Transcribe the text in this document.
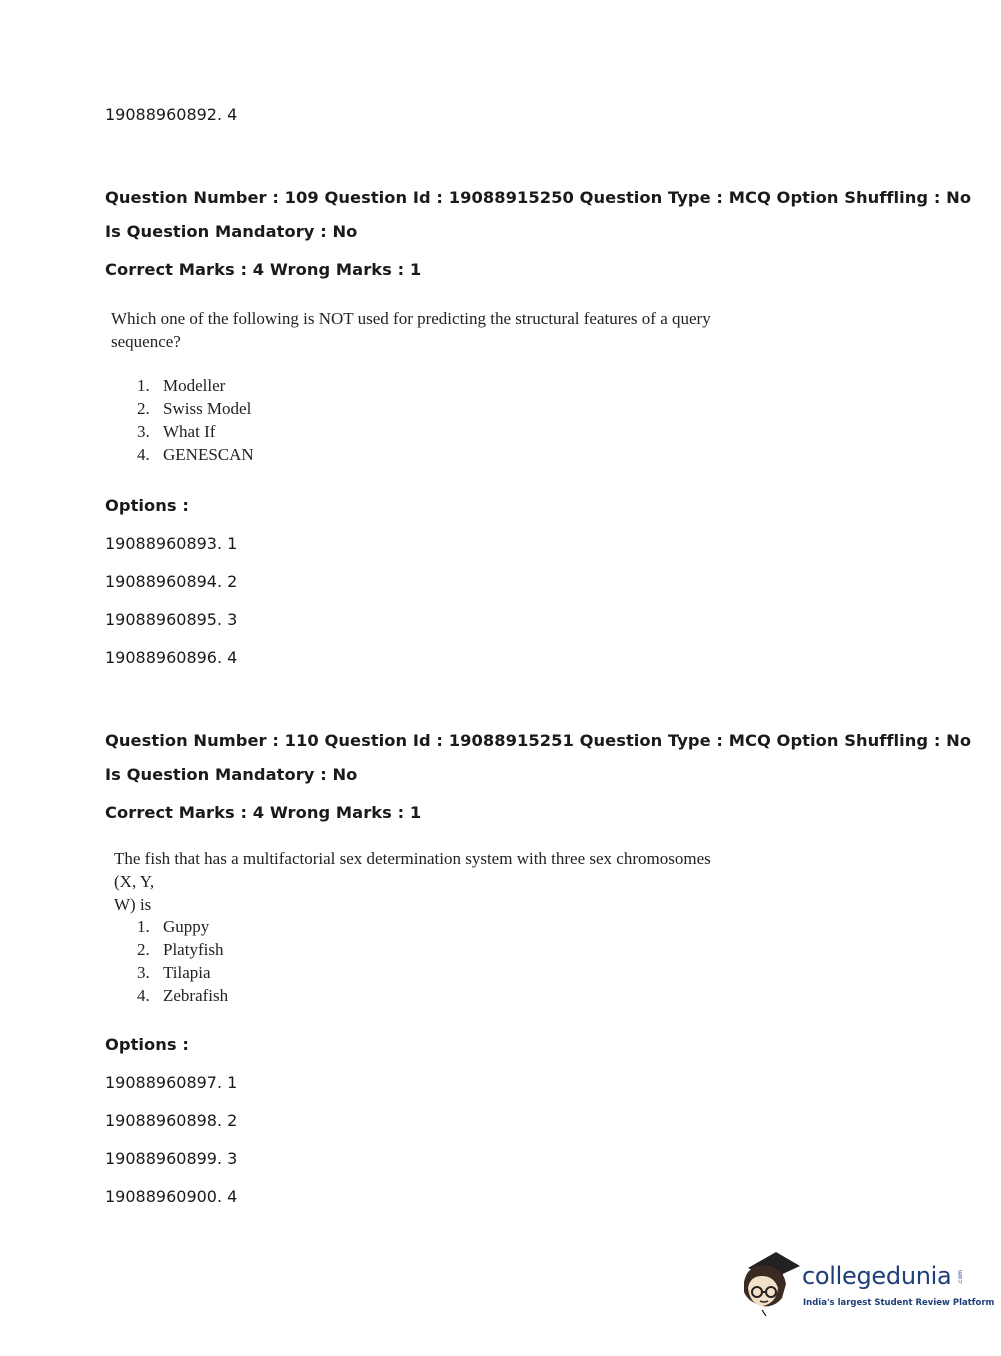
19088960892. 4
Question Number : 109 Question Id : 19088915250 Question Type : MCQ Option Shuffling : No
Is Question Mandatory : No
Correct Marks : 4 Wrong Marks : 1
Which one of the following is NOT used for predicting the structural features of a query
sequence?
1. Modeller
2. Swiss Model
3. What If
4. GENESCAN
Options :
19088960893. 1
19088960894. 2
19088960895. 3
19088960896. 4
Question Number : 110 Question Id : 19088915251 Question Type : MCQ Option Shuffling : No
Is Question Mandatory : No
Correct Marks : 4 Wrong Marks : 1
The fish that has a multifactorial sex determination system with three sex chromosomes (X, Y,
W) is
1. Guppy
2. Platyfish
3. Tilapia
4. Zebrafish
Options :
19088960897. 1
19088960898. 2
19088960899. 3
19088960900. 4
collegedunia .com
India's largest Student Review Platform
